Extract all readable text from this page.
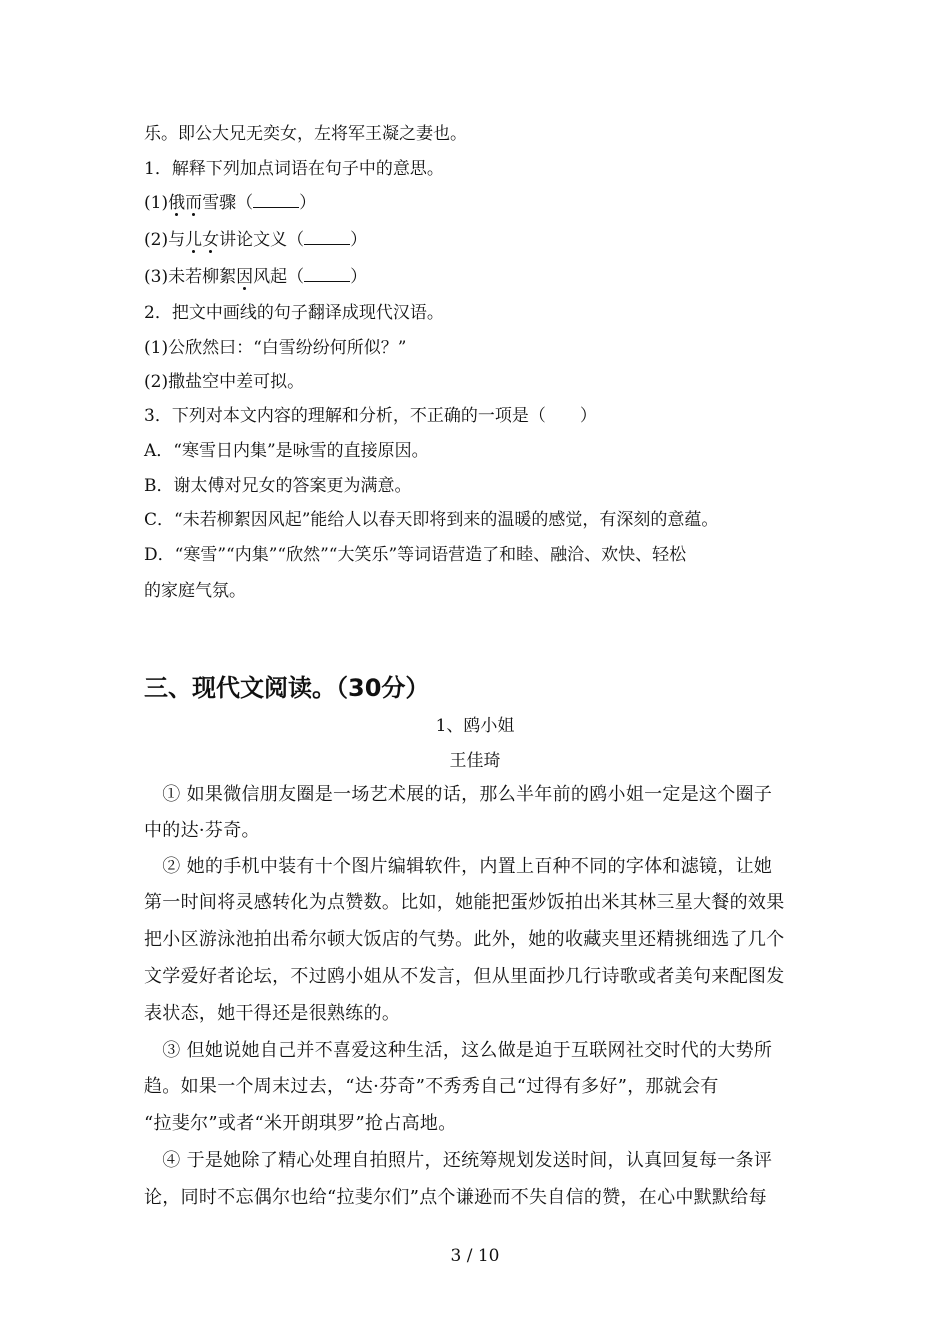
乐。即公大兄无奕女，左将军王凝之妻也。
1．解释下列加点词语在句子中的意思。
(1)俄而雪骤（	）
(2)与儿女讲论文义（	）
(3)未若柳絮因风起（	）
2．把文中画线的句子翻译成现代汉语。
(1)公欣然曰：“白雪纷纷何所似？”
(2)撒盐空中差可拟。
3．下列对本文内容的理解和分析，不正确的一项是（　　）
A．“寒雪日内集”是咏雪的直接原因。
B．谢太傅对兄女的答案更为满意。
C．“未若柳絮因风起”能给人以春天即将到来的温暖的感觉，有深刻的意蕴。
D．“寒雪”“内集”“欣然”“大笑乐”等词语营造了和睦、融洽、欢快、轻松
的家庭气氛。
三、现代文阅读。（30分）
1、鸥小姐
王佳琦
　① 如果微信朋友圈是一场艺术展的话，那么半年前的鸥小姐一定是这个圈子
中的达·芬奇。
　② 她的手机中装有十个图片编辑软件，内置上百种不同的字体和滤镜，让她
第一时间将灵感转化为点赞数。比如，她能把蛋炒饭拍出米其林三星大餐的效果
把小区游泳池拍出希尔顿大饭店的气势。此外，她的收藏夹里还精挑细选了几个
文学爱好者论坛，不过鸥小姐从不发言，但从里面抄几行诗歌或者美句来配图发
表状态，她干得还是很熟练的。
　③ 但她说她自己并不喜爱这种生活，这么做是迫于互联网社交时代的大势所
趋。如果一个周末过去，“达·芬奇”不秀秀自己“过得有多好”，那就会有
“拉斐尔”或者“米开朗琪罗”抢占高地。
　④ 于是她除了精心处理自拍照片，还统筹规划发送时间，认真回复每一条评
论，同时不忘偶尔也给“拉斐尔们”点个谦逊而不失自信的赞，在心中默默给每
3 / 10
